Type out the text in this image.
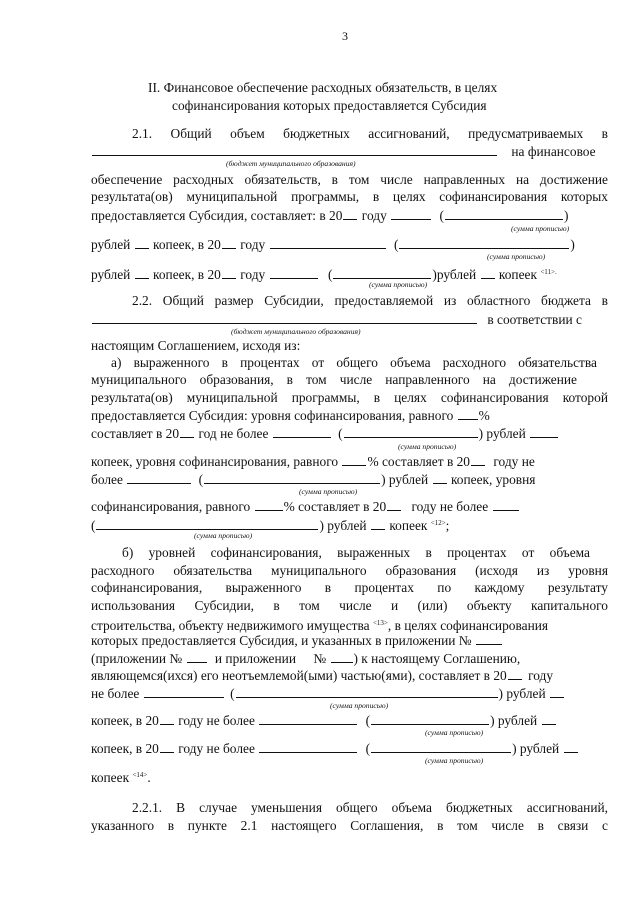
3
II. Финансовое обеспечение расходных обязательств, в целях
софинансирования которых предоставляется Субсидия
2.1. Общий объем бюджетных ассигнований, предусматриваемых в
на финансовое
(бюджет муниципального образования)
обеспечение расходных обязательств, в том числе направленных на достижение
результата(ов) муниципальной программы, в целях софинансирования которых
предоставляется Субсидия, составляет: в 20 году	(	)
(сумма прописью)
рублей копеек, в 20 году	(	)
(сумма прописью)
рублей копеек, в 20 году	(	)рублей копеек $^{<11>.}$
(сумма прописью)
2.2. Общий размер Субсидии, предоставляемой из областного бюджета в
в соответствии с
(бюджет муниципального образования)
настоящим Соглашением, исходя из:
а) выраженного в процентах от общего объема расходного обязательства
муниципального образования, в том числе направленного на достижение
результата(ов) муниципальной программы, в целях софинансирования которой
предоставляется Субсидия: уровня софинансирования, равного %
составляет в 20 год не более	(	) рублей
(сумма прописью)
копеек, уровня софинансирования, равного % составляет в 20 году не
более	(	) рублей копеек, уровня
(сумма прописью)
софинансирования, равного % составляет в 20 году не более
(	) рублей копеек $^{<12>}$;
(сумма прописью)
б) уровней софинансирования, выраженных в процентах от объема
расходного обязательства муниципального образования (исходя из уровня
софинансирования, выраженного в процентах по каждому результату
использования Субсидии, в том числе и (или) объекту капитального
строительства, объекту недвижимого имущества $^{<13>}$, в целях софинансирования
которых предоставляется Субсидия, и указанных в приложении №
(приложении № и приложении № ) к настоящему Соглашению,
являющемся(ихся) его неотъемлемой(ыми) частью(ями), составляет в 20 году
не более	(	) рублей
(сумма прописью)
копеек, в 20 году не более	(	) рублей
(сумма прописью)
копеек, в 20 году не более	(	) рублей
(сумма прописью)
копеек $^{<14>}$.
2.2.1. В случае уменьшения общего объема бюджетных ассигнований,
указанного в пункте 2.1 настоящего Соглашения, в том числе в связи с
